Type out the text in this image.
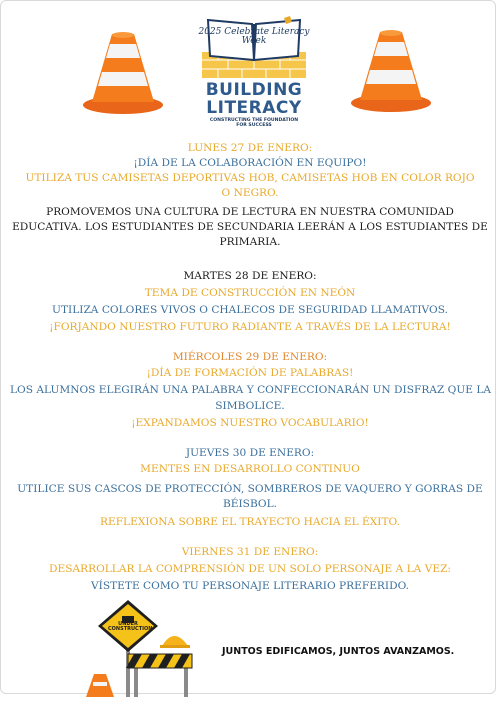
2025 Celebrate Literacy Week
BUILDING
LITERACY
CONSTRUCTING THE FOUNDATION
FOR SUCCESS
LUNES 27 DE ENERO:
¡DÍA DE LA COLABORACIÓN EN EQUIPO!
UTILIZA TUS CAMISETAS DEPORTIVAS HOB, CAMISETAS HOB EN COLOR ROJO
O NEGRO.
PROMOVEMOS UNA CULTURA DE LECTURA EN NUESTRA COMUNIDAD
EDUCATIVA. LOS ESTUDIANTES DE SECUNDARIA LEERÁN A LOS ESTUDIANTES DE
PRIMARIA.
MARTES 28 DE ENERO:
TEMA DE CONSTRUCCIÓN EN NEÓN
UTILIZA COLORES VIVOS O CHALECOS DE SEGURIDAD LLAMATIVOS.
¡FORJANDO NUESTRO FUTURO RADIANTE A TRAVÉS DE LA LECTURA!
MIÉRCOLES 29 DE ENERO:
¡DÍA DE FORMACIÓN DE PALABRAS!
LOS ALUMNOS ELEGIRÁN UNA PALABRA Y CONFECCIONARÁN UN DISFRAZ QUE LA
SIMBOLICE.
¡EXPANDAMOS NUESTRO VOCABULARIO!
JUEVES 30 DE ENERO:
MENTES EN DESARROLLO CONTINUO
UTILICE SUS CASCOS DE PROTECCIÓN, SOMBREROS DE VAQUERO Y GORRAS DE
BÉISBOL.
REFLEXIONA SOBRE EL TRAYECTO HACIA EL ÉXITO.
VIERNES 31 DE ENERO:
DESARROLLAR LA COMPRENSIÓN DE UN SOLO PERSONAJE A LA VEZ:
VÍSTETE COMO TU PERSONAJE LITERARIO PREFERIDO.
UNDER CONSTRUCTION
JUNTOS EDIFICAMOS, JUNTOS AVANZAMOS.
